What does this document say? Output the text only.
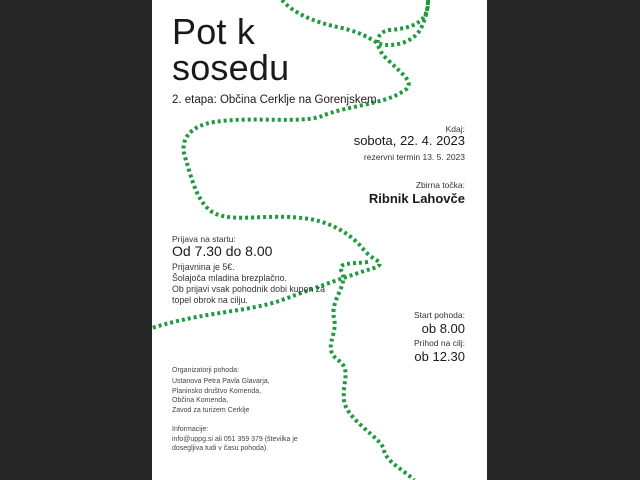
Pot k
sosedu

2. etapa: Občina Cerklje na Gorenjskem

Kdaj:

sobota, 22. 4. 2023

rezervni termin 13. 5. 2023

Zbirna točka:

Ribnik Lahovče

Prijava na startu:

Od 7.30 do 8.00

Prijavnina je 5€.
Šolajoča mladina brezplačno.
Ob prijavi vsak pohodnik dobi kupon za topel obrok na cilju.

Start pohoda:

ob 8.00

Prihod na cilj:

ob 12.30

Organizatorji pohoda:

Ustanova Petra Pavla Glavarja,
Planinsko društvo Komenda,
Občina Komenda,
Zavod za turizem Cerklje

Informacije:

info@uppg.si ali 051 359 379 (številka je dosegljiva tudi v času pohoda).
